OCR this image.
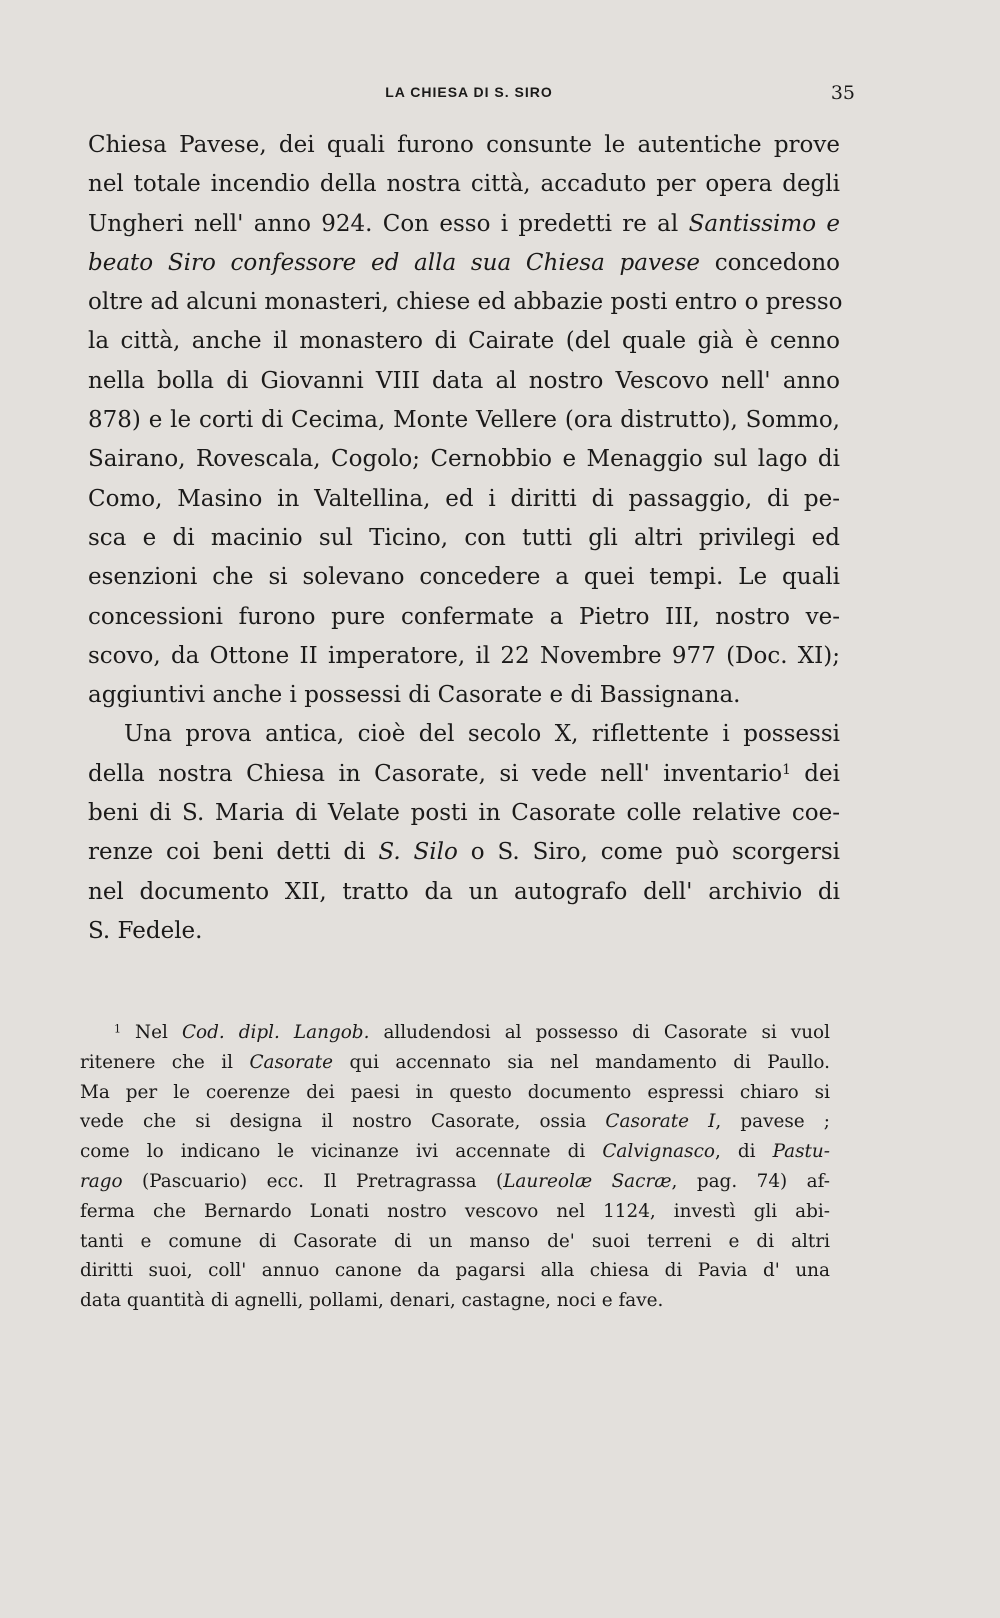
LA CHIESA DI S. SIRO	35
Chiesa Pavese, dei quali furono consunte le autentiche prove
nel totale incendio della nostra città, accaduto per opera degli
Ungheri nell' anno 924. Con esso i predetti re al Santissimo e
beato Siro confessore ed alla sua Chiesa pavese concedono
oltre ad alcuni monasteri, chiese ed abbazie posti entro o presso
la città, anche il monastero di Cairate (del quale già è cenno
nella bolla di Giovanni VIII data al nostro Vescovo nell' anno
878) e le corti di Cecima, Monte Vellere (ora distrutto), Sommo,
Sairano, Rovescala, Cogolo; Cernobbio e Menaggio sul lago di
Como, Masino in Valtellina, ed i diritti di passaggio, di pe-
sca e di macinio sul Ticino, con tutti gli altri privilegi ed
esenzioni che si solevano concedere a quei tempi. Le quali
concessioni furono pure confermate a Pietro III, nostro ve-
scovo, da Ottone II imperatore, il 22 Novembre 977 (Doc. XI);
aggiuntivi anche i possessi di Casorate e di Bassignana.
Una prova antica, cioè del secolo X, riflettente i possessi
della nostra Chiesa in Casorate, si vede nell' inventario$^1$ dei
beni di S. Maria di Velate posti in Casorate colle relative coe-
renze coi beni detti di S. Silo o S. Siro, come può scorgersi
nel documento XII, tratto da un autografo dell' archivio di
S. Fedele.
$^1$ Nel Cod. dipl. Langob. alludendosi al possesso di Casorate si vuol
ritenere che il Casorate qui accennato sia nel mandamento di Paullo.
Ma per le coerenze dei paesi in questo documento espressi chiaro si
vede che si designa il nostro Casorate, ossia Casorate I, pavese ;
come lo indicano le vicinanze ivi accennate di Calvignasco, di Pastu-
rago (Pascuario) ecc. Il Pretragrassa (Laureolæ Sacræ, pag. 74) af-
ferma che Bernardo Lonati nostro vescovo nel 1124, investì gli abi-
tanti e comune di Casorate di un manso de' suoi terreni e di altri
diritti suoi, coll' annuo canone da pagarsi alla chiesa di Pavia d' una
data quantità di agnelli, pollami, denari, castagne, noci e fave.
